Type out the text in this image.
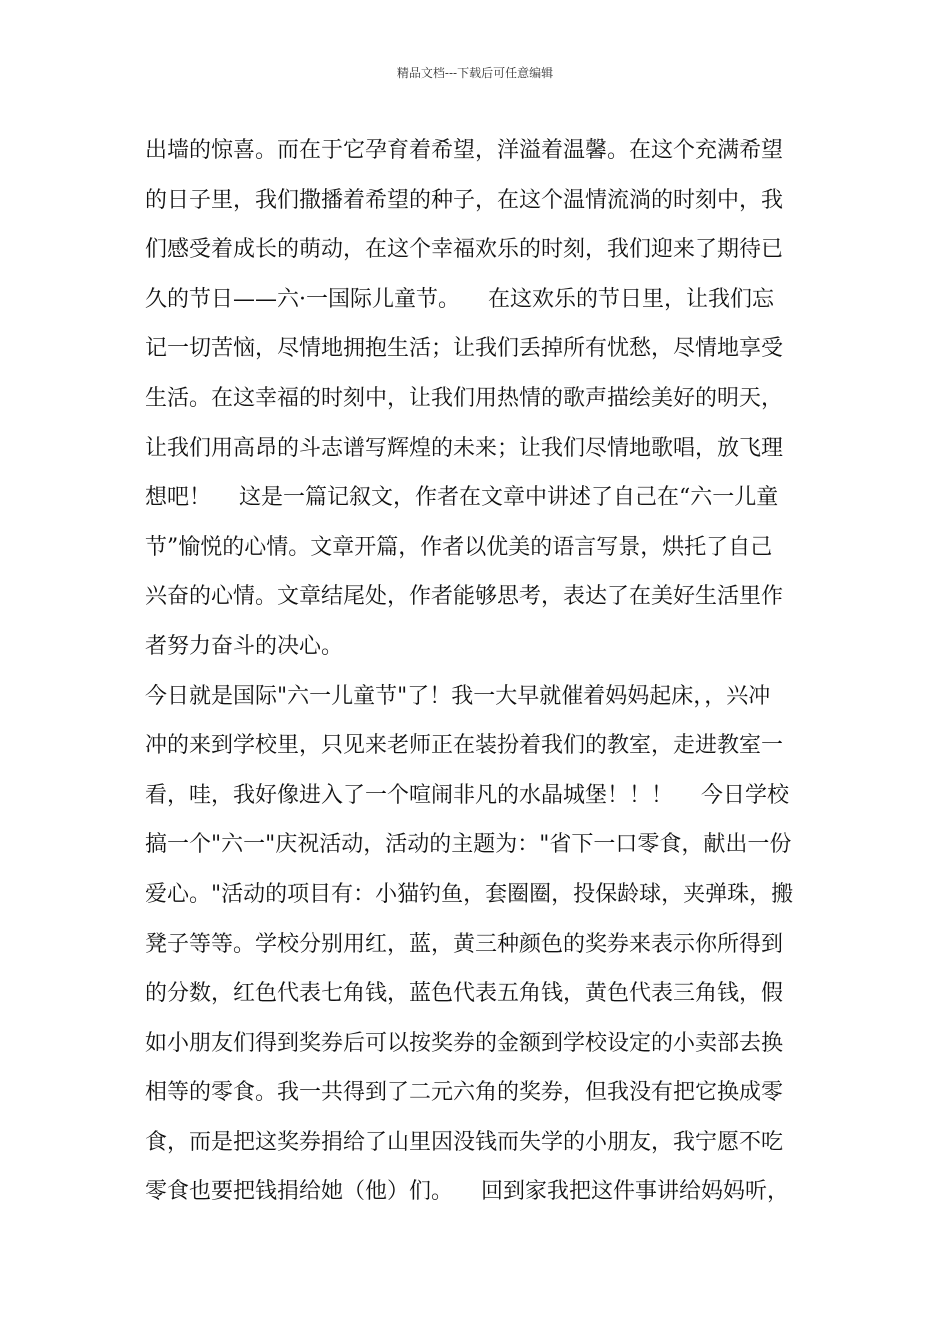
精品文档---下载后可任意编辑
出墙的惊喜。而在于它孕育着希望，洋溢着温馨。在这个充满希望
的日子里，我们撒播着希望的种子，在这个温情流淌的时刻中，我
们感受着成长的萌动，在这个幸福欢乐的时刻，我们迎来了期待已
久的节日——六·一国际儿童节。    在这欢乐的节日里，让我们忘
记一切苦恼，尽情地拥抱生活；让我们丢掉所有忧愁，尽情地享受
生活。在这幸福的时刻中，让我们用热情的歌声描绘美好的明天，
让我们用高昂的斗志谱写辉煌的未来；让我们尽情地歌唱，放飞理
想吧！    这是一篇记叙文，作者在文章中讲述了自己在“六一儿童
节”愉悦的心情。文章开篇，作者以优美的语言写景，烘托了自己
兴奋的心情。文章结尾处，作者能够思考，表达了在美好生活里作
者努力奋斗的决心。
今日就是国际"六一儿童节"了！我一大早就催着妈妈起床，，兴冲
冲的来到学校里，只见来老师正在装扮着我们的教室，走进教室一
看，哇，我好像进入了一个喧闹非凡的水晶城堡！！！    今日学校
搞一个"六一"庆祝活动，活动的主题为："省下一口零食，献出一份
爱心。"活动的项目有：小猫钓鱼，套圈圈，投保龄球，夹弹珠，搬
凳子等等。学校分别用红，蓝，黄三种颜色的奖券来表示你所得到
的分数，红色代表七角钱，蓝色代表五角钱，黄色代表三角钱，假
如小朋友们得到奖券后可以按奖券的金额到学校设定的小卖部去换
相等的零食。我一共得到了二元六角的奖券，但我没有把它换成零
食，而是把这奖券捐给了山里因没钱而失学的小朋友，我宁愿不吃
零食也要把钱捐给她（他）们。    回到家我把这件事讲给妈妈听，
